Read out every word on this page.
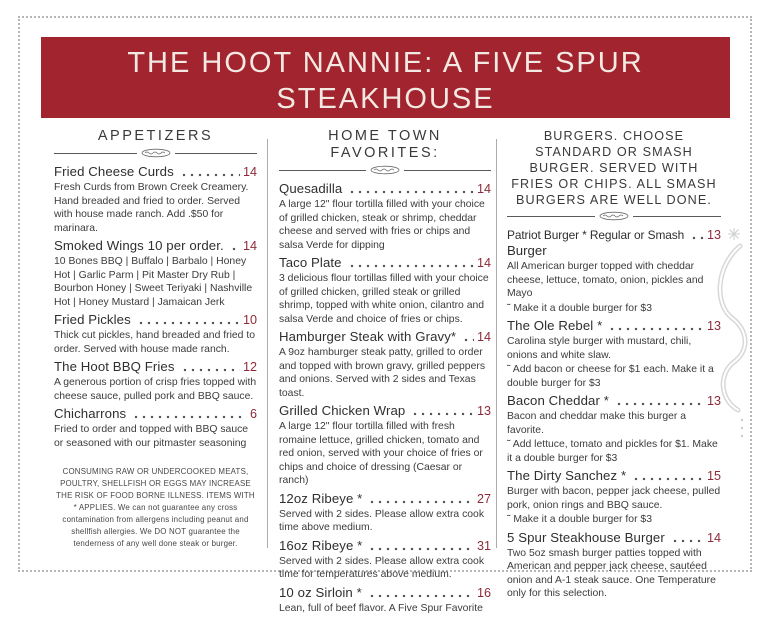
THE HOOT NANNIE: A FIVE SPUR
STEAKHOUSE
APPETIZERS
Fried Cheese Curds	14
Fresh Curds from Brown Creek Creamery. Hand breaded and fried to order. Served with house made ranch. Add .$50 for marinara.
Smoked Wings 10 per order. 14
10 Bones BBQ | Buffalo | Barbalo | Honey Hot | Garlic Parm | Pit Master Dry Rub | Bourbon Honey | Sweet Teriyaki | Nashville Hot | Honey Mustard | Jamaican Jerk
Fried Pickles	10
Thick cut pickles, hand breaded and fried to order. Served with house made ranch.
The Hoot BBQ Fries	12
A generous portion of crisp fries topped with cheese sauce, pulled pork and BBQ sauce.
Chicharrons	6
Fried to order and topped with BBQ sauce or seasoned with our pitmaster seasoning
CONSUMING RAW OR UNDERCOOKED MEATS, POULTRY, SHELLFISH OR EGGS MAY INCREASE THE RISK OF FOOD BORNE ILLNESS. ITEMS WITH * APPLIES. We can not guarantee any cross contamination from allergens including peanut and shellfish allergies. We DO NOT guarantee the tenderness of any well done steak or burger.
HOME TOWN FAVORITES:
Quesadilla	14
A large 12" flour tortilla filled with your choice of grilled chicken, steak or shrimp, cheddar cheese and served with fries or chips and salsa Verde for dipping
Taco Plate	14
3 delicious flour tortillas filled with your choice of grilled chicken, grilled steak or grilled shrimp, topped with white onion, cilantro and salsa Verde and choice of fries or chips.
Hamburger Steak with Gravy* 14
A 9oz hamburger steak patty, grilled to order and topped with brown gravy, grilled peppers and onions. Served with 2 sides and Texas toast.
Grilled Chicken Wrap	13
A large 12" flour tortilla filled with fresh romaine lettuce, grilled chicken, tomato and red onion, served with your choice of fries or chips and choice of dressing (Caesar or ranch)
12oz Ribeye *	27
Served with 2 sides. Please allow extra cook time above medium.
16oz Ribeye *	31
Served with 2 sides. Please allow extra cook time for temperatures above medium.
10 oz Sirloin *	16
Lean, full of beef flavor. A Five Spur Favorite
BURGERS. CHOOSE STANDARD OR SMASH BURGER. SERVED WITH FRIES OR CHIPS. ALL SMASH BURGERS ARE WELL DONE.
Patriot Burger * Regular or Smash 13
Burger
All American burger topped with cheddar cheese, lettuce, tomato, onion, pickles and Mayo
˜ Make it a double burger for $3
The Ole Rebel *	13
Carolina style burger with mustard, chili, onions and white slaw.
˜ Add bacon or cheese for $1 each. Make it a double burger for $3
Bacon Cheddar *	13
Bacon and cheddar make this burger a favorite.
˜ Add lettuce, tomato and pickles for $1. Make it a double burger for $3
The Dirty Sanchez *	15
Burger with bacon, pepper jack cheese, pulled pork, onion rings and BBQ sauce.
˜ Make it a double burger for $3
5 Spur Steakhouse Burger	14
Two 5oz smash burger patties topped with American and pepper jack cheese, sautéed onion and A-1 steak sauce. One Temperature only for this selection.
